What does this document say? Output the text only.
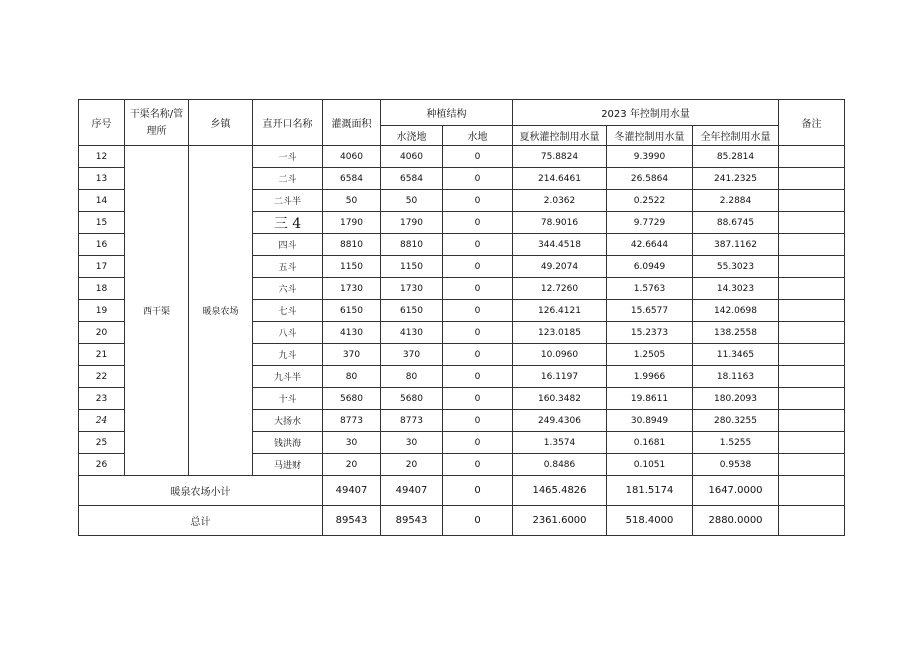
序号	干渠名称/管理所	乡镇	直开口名称	灌溉面积	种植结构		2023 年控制用水量			备注
					水浇地	水地	夏秋灌控制用水量	冬灌控制用水量	全年控制用水量	
12	西干渠	暖泉农场	一斗	4060	4060	0	75.8824	9.3990	85.2814	
13			二斗	6584	6584	0	214.6461	26.5864	241.2325	
14			二斗半	50	50	0	2.0362	0.2522	2.2884	
15			三 4	1790	1790	0	78.9016	9.7729	88.6745	
16			四斗	8810	8810	0	344.4518	42.6644	387.1162	
17			五斗	1150	1150	0	49.2074	6.0949	55.3023	
18			六斗	1730	1730	0	12.7260	1.5763	14.3023	
19			七斗	6150	6150	0	126.4121	15.6577	142.0698	
20			八斗	4130	4130	0	123.0185	15.2373	138.2558	
21			九斗	370	370	0	10.0960	1.2505	11.3465	
22			九斗半	80	80	0	16.1197	1.9966	18.1163	
23			十斗	5680	5680	0	160.3482	19.8611	180.2093	
24			大扬水	8773	8773	0	249.4306	30.8949	280.3255	
25			钱洪海	30	30	0	1.3574	0.1681	1.5255	
26			马进财	20	20	0	0.8486	0.1051	0.9538	
暖泉农场小计				49407	49407	0	1465.4826	181.5174	1647.0000	
总计				89543	89543	0	2361.6000	518.4000	2880.0000	
